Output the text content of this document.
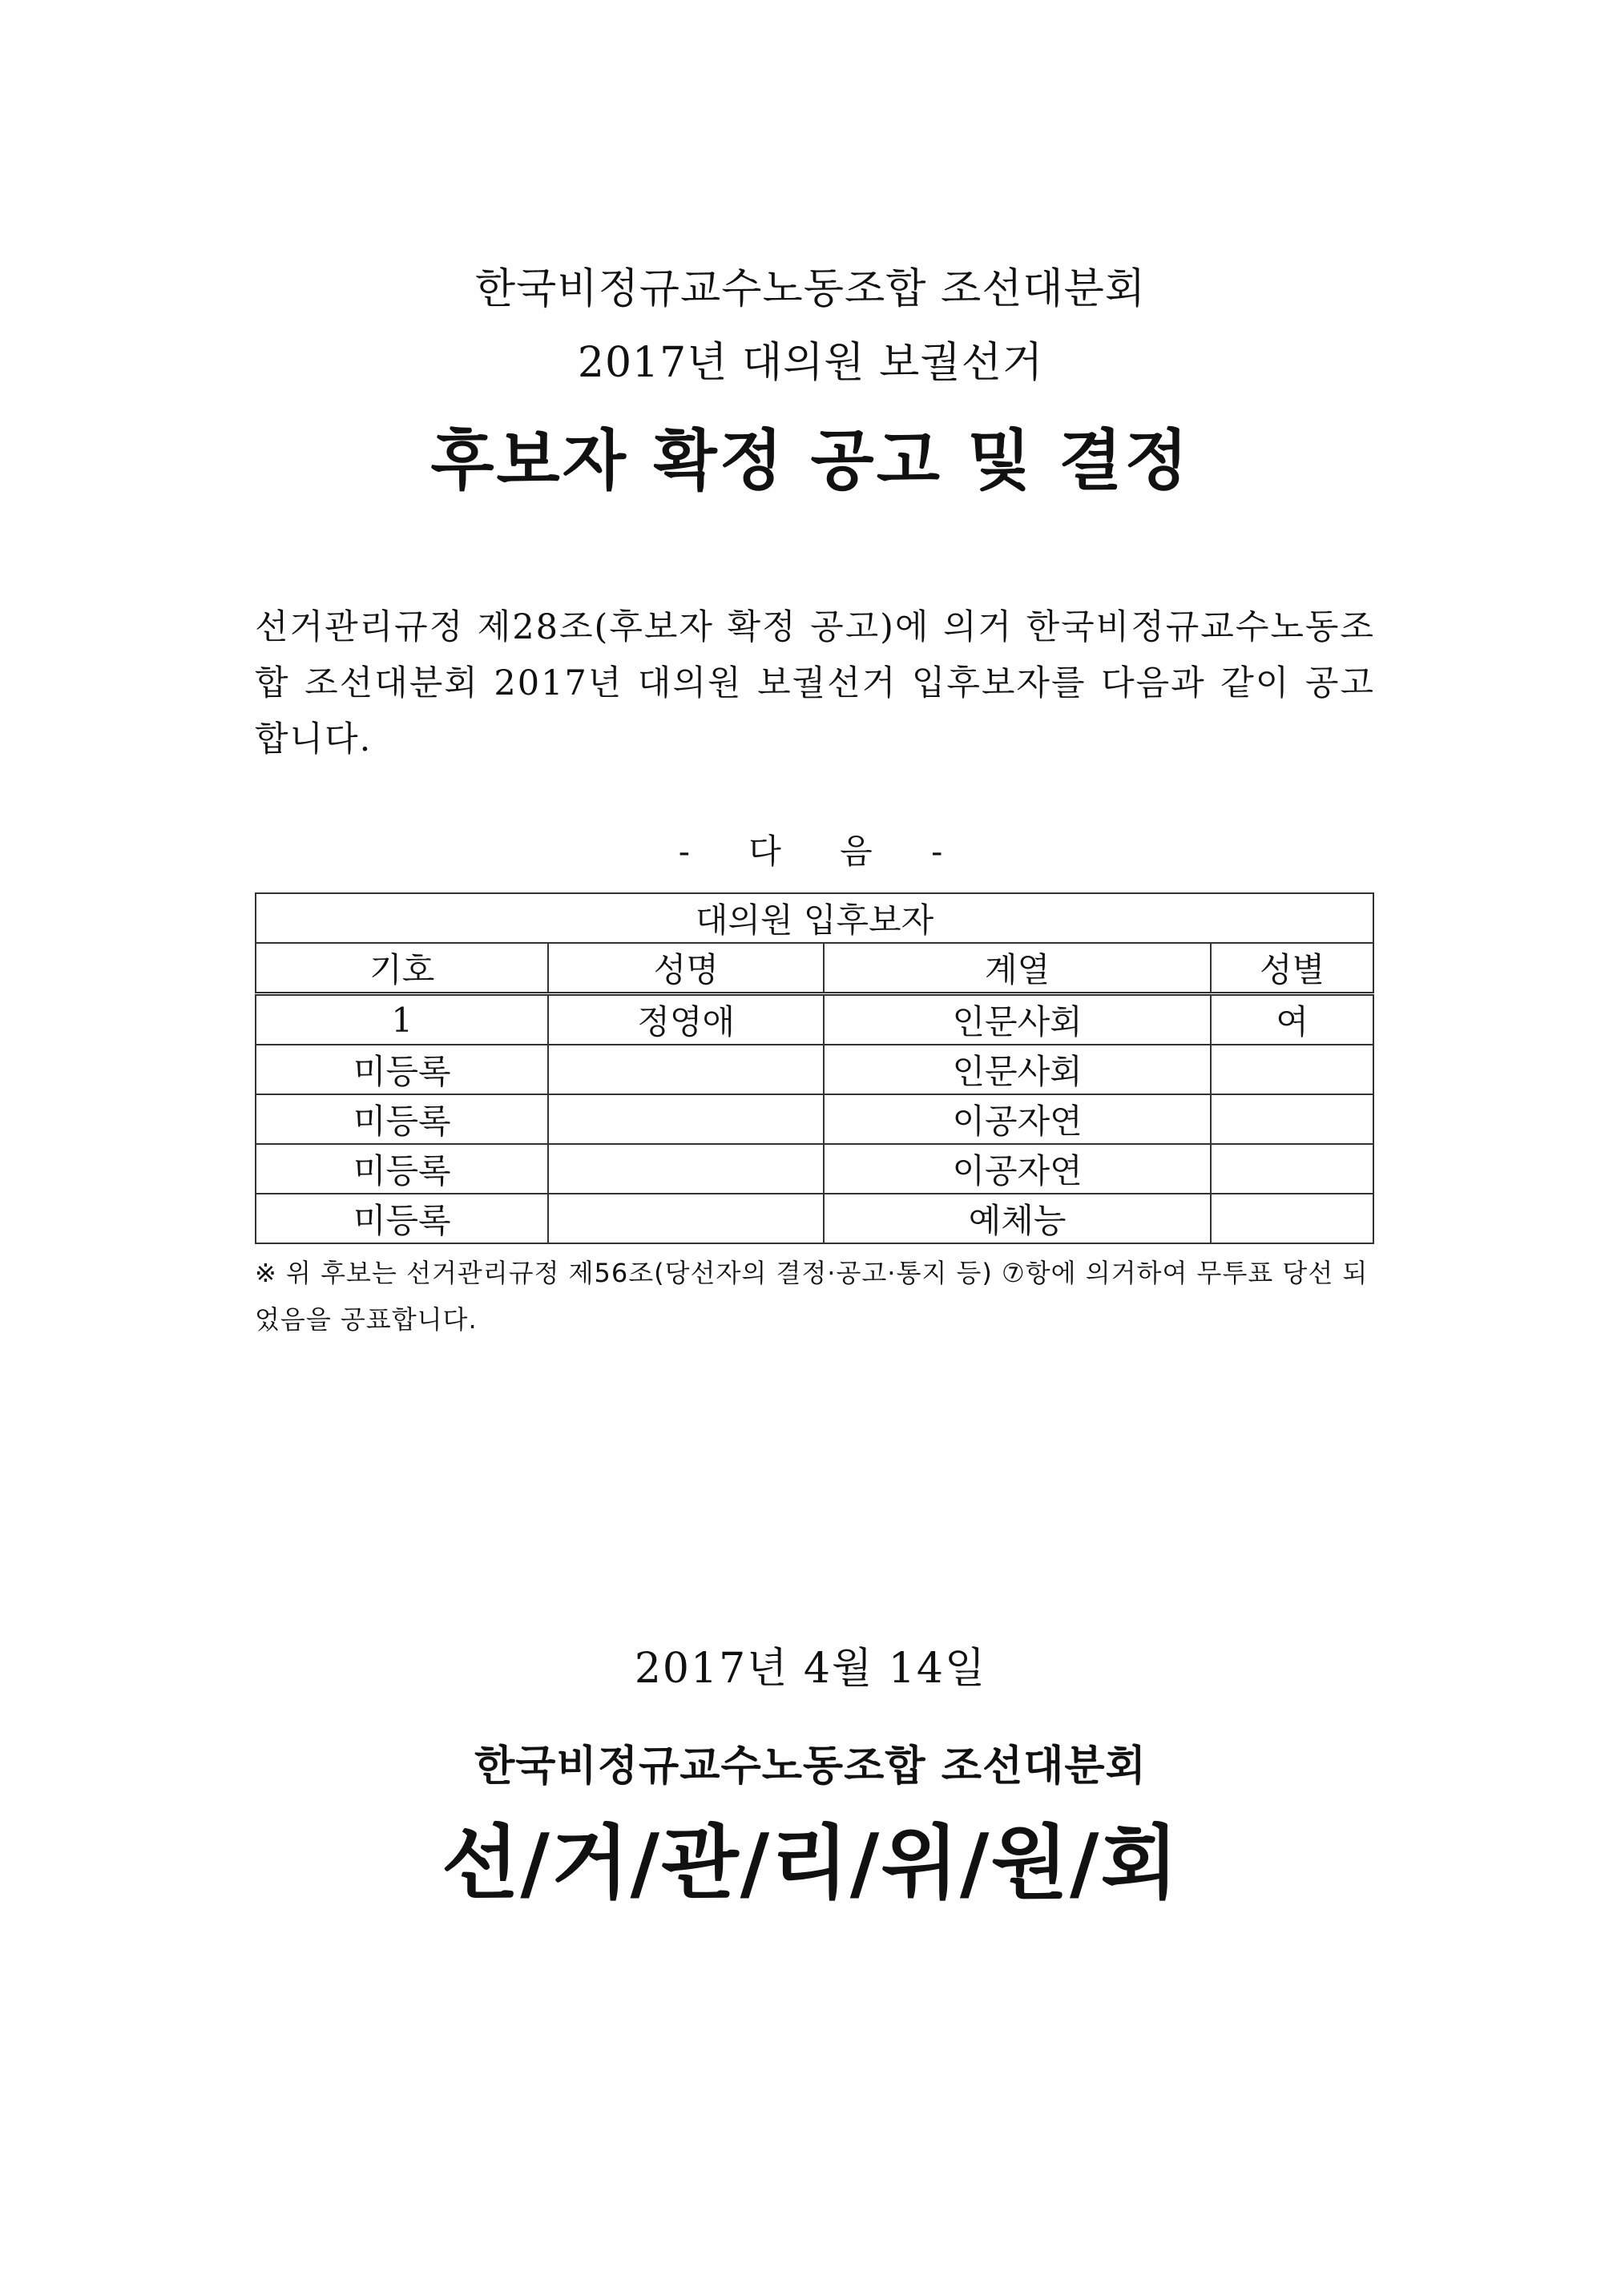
한국비정규교수노동조합 조선대분회
2017년 대의원 보궐선거
후보자 확정 공고 및 결정
선거관리규정 제28조(후보자 확정 공고)에 의거 한국비정규교수노동조합 조선대분회 2017년 대의원 보궐선거 입후보자를 다음과 같이 공고합니다.
- 다 음 -
대의원 입후보자			
기호	성명	계열	성별
1	정영애	인문사회	여
미등록		인문사회	
미등록		이공자연	
미등록		이공자연	
미등록		예체능	
※ 위 후보는 선거관리규정 제56조(당선자의 결정·공고·통지 등) ⑦항에 의거하여 무투표 당선 되었음을 공표합니다.
2017년 4월 14일
한국비정규교수노동조합 조선대분회
선/거/관/리/위/원/회
